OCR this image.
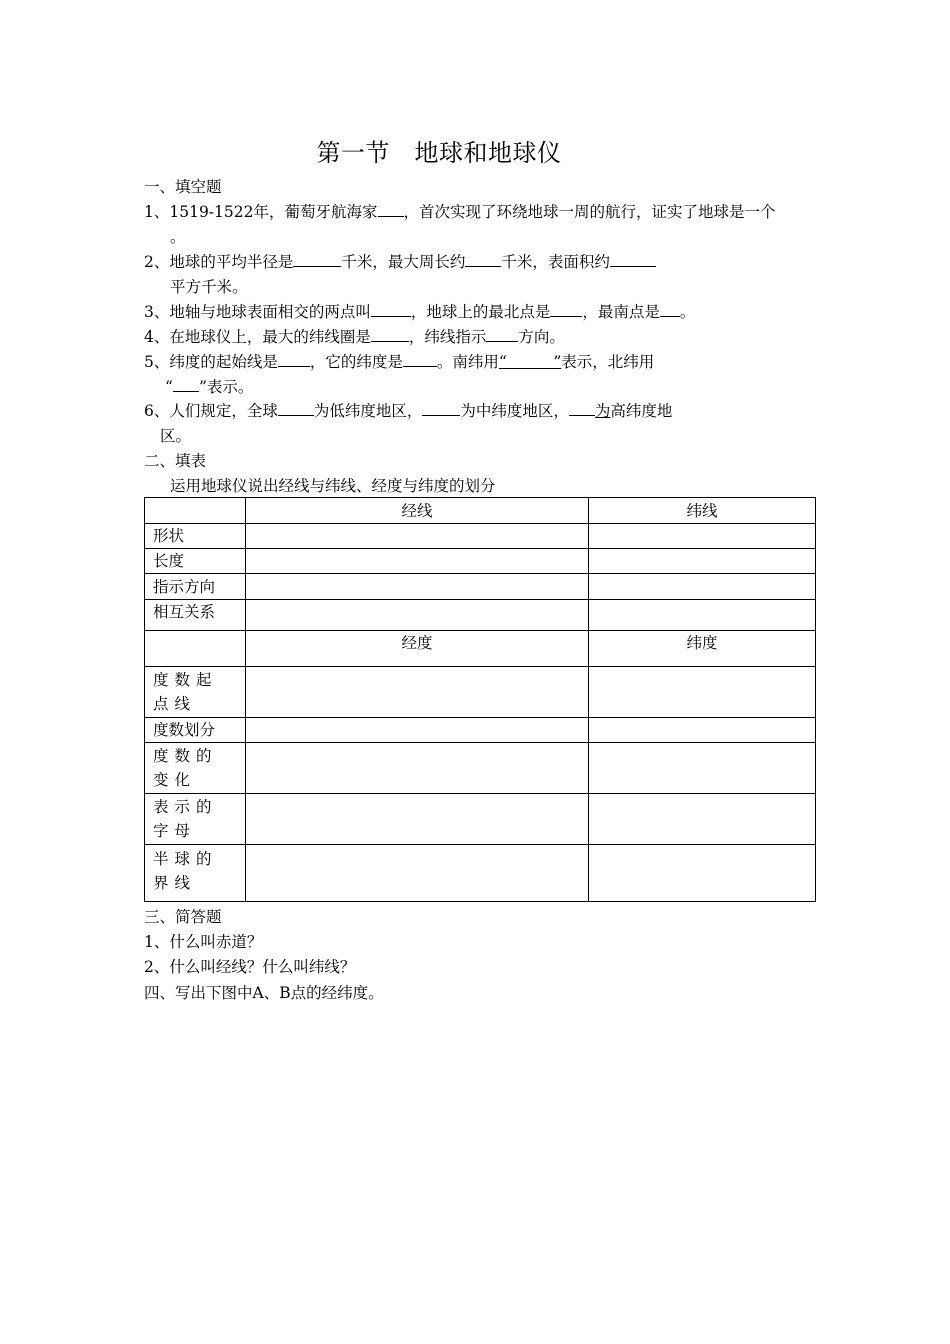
第一节　地球和地球仪
一、填空题
1、1519-1522年，葡萄牙航海家 ，首次实现了环绕地球一周的航行，证实了地球是一个
。
2、地球的平均半径是	千米，最大周长约 千米，表面积约
平方千米。
3、地轴与地球表面相交的两点叫	，地球上的最北点是 ，最南点是 。
4、在地球仪上，最大的纬线圈是 ，纬线指示 方向。
5、纬度的起始线是 ，它的纬度是 。南纬用“　　　”表示，北纬用
“ ”表示。
6、人们规定，全球 为低纬度地区， 为中纬度地区， 为高纬度地
区。
二、填表
运用地球仪说出经线与纬线、经度与纬度的划分
	经线	纬线
形状		
长度		
指示方向		
相互关系		
	经度	纬度
度数起点线		
度数划分		
度数的变化		
表示的字母		
半球的界线		
三、简答题
1、什么叫赤道？
2、什么叫经线？什么叫纬线？
四、写出下图中A、B点的经纬度。
